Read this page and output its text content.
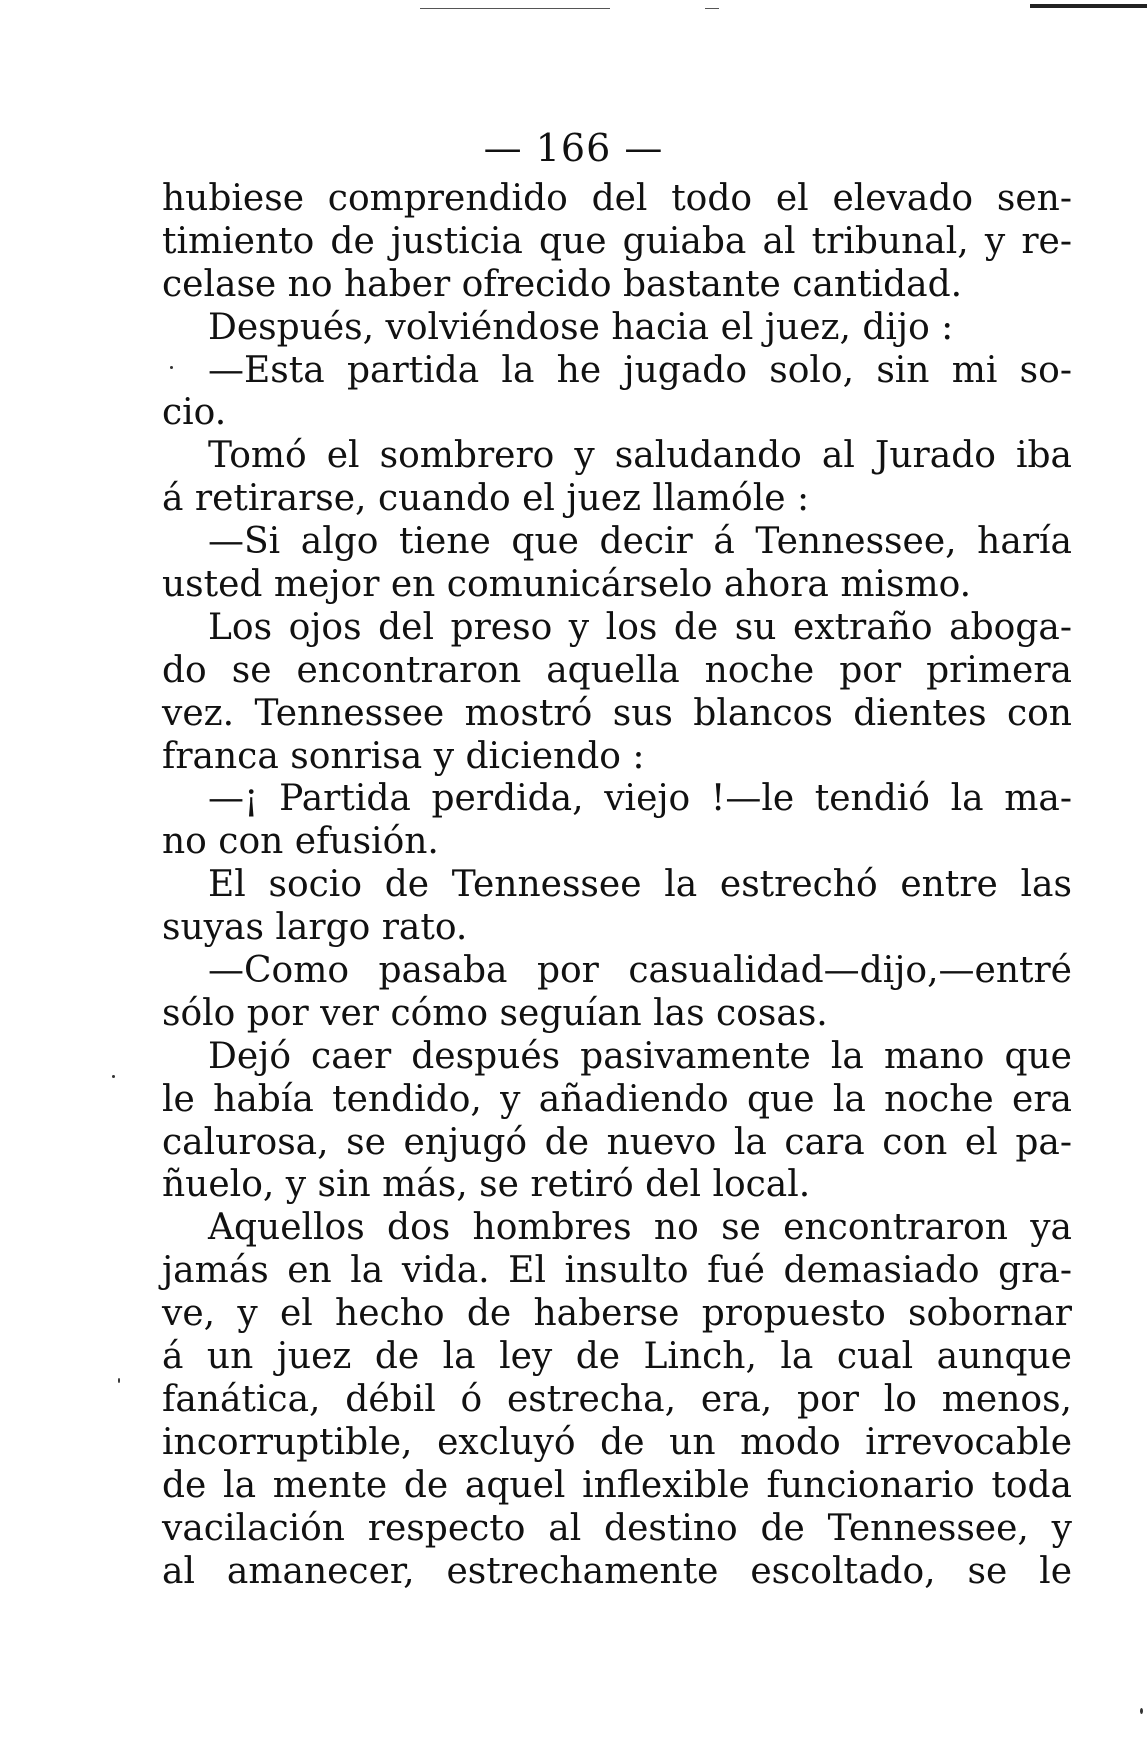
— 166 —
hubiese comprendido del todo el elevado sen-
timiento de justicia que guiaba al tribunal, y re-
celase no haber ofrecido bastante cantidad.
Después, volviéndose hacia el juez, dijo :
—Esta partida la he jugado solo, sin mi so-
cio.
Tomó el sombrero y saludando al Jurado iba
á retirarse, cuando el juez llamóle :
—Si algo tiene que decir á Tennessee, haría
usted mejor en comunicárselo ahora mismo.
Los ojos del preso y los de su extraño aboga-
do se encontraron aquella noche por primera
vez. Tennessee mostró sus blancos dientes con
franca sonrisa y diciendo :
—¡ Partida perdida, viejo !—le tendió la ma-
no con efusión.
El socio de Tennessee la estrechó entre las
suyas largo rato.
—Como pasaba por casualidad—dijo,—entré
sólo por ver cómo seguían las cosas.
Dejó caer después pasivamente la mano que
le había tendido, y añadiendo que la noche era
calurosa, se enjugó de nuevo la cara con el pa-
ñuelo, y sin más, se retiró del local.
Aquellos dos hombres no se encontraron ya
jamás en la vida. El insulto fué demasiado gra-
ve, y el hecho de haberse propuesto sobornar
á un juez de la ley de Linch, la cual aunque
fanática, débil ó estrecha, era, por lo menos,
incorruptible, excluyó de un modo irrevocable
de la mente de aquel inflexible funcionario toda
vacilación respecto al destino de Tennessee, y
al amanecer, estrechamente escoltado, se le
